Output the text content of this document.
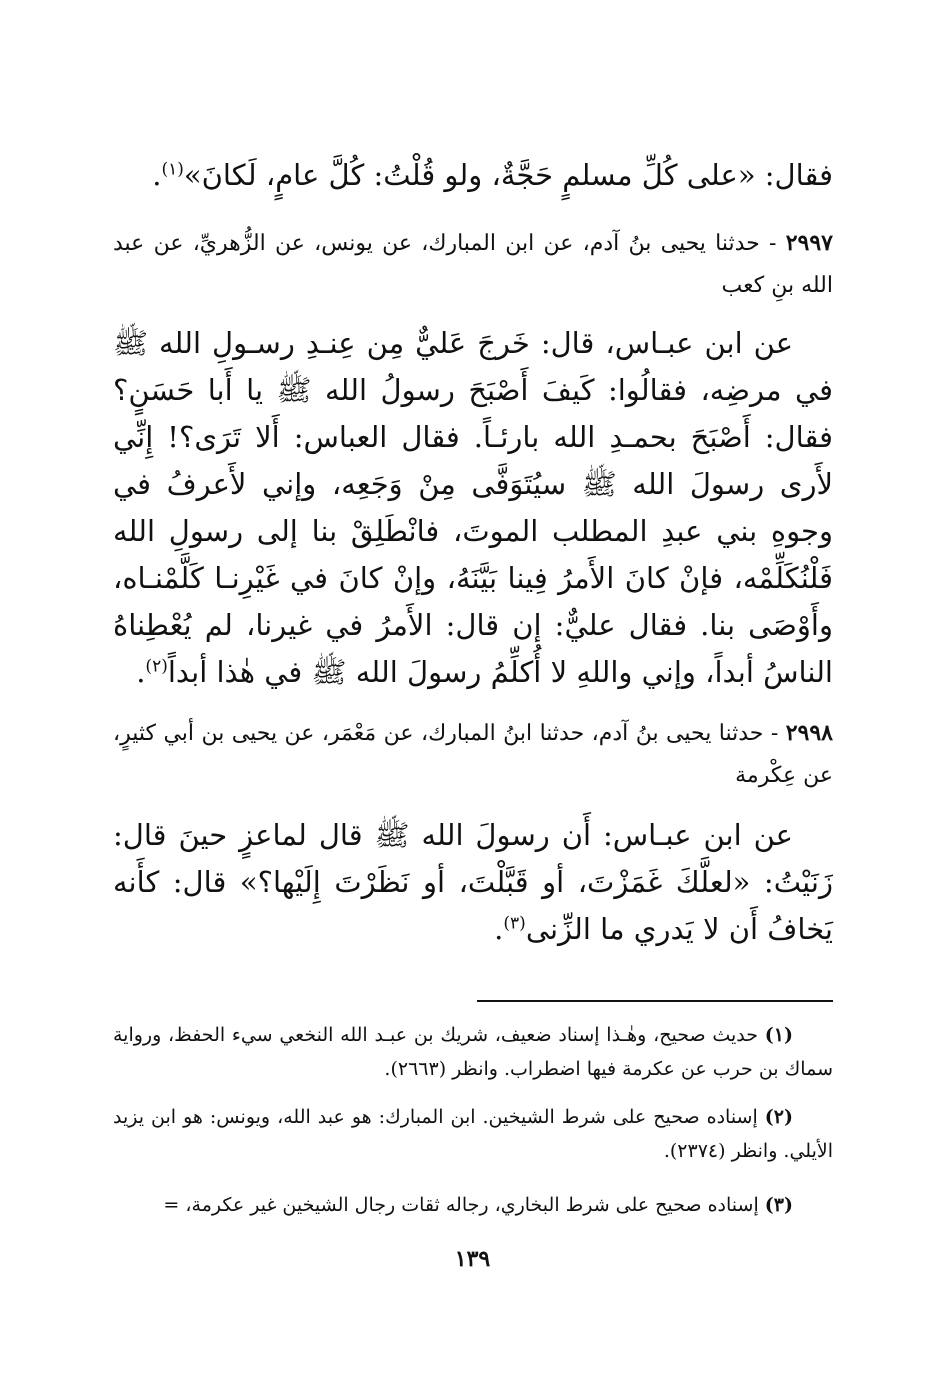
فقال: «على كُلِّ مسلمٍ حَجَّةٌ، ولو قُلْتُ: كُلَّ عامٍ، لَكانَ»$^{(١)}$.
٢٩٩٧ - حدثنا يحيى بنُ آدم، عن ابن المبارك، عن يونس، عن الزُّهريِّ، عن عبد الله بنِ كعب
عن ابن عبـاس، قال: خَرجَ عَليٌّ مِن عِنـدِ رسـولِ الله ﷺ في مرضِه، فقالُوا: كَيفَ أَصْبَحَ رسولُ الله ﷺ يا أَبا حَسَنٍ؟ فقال: أَصْبَحَ بحمـدِ الله بارئـاً. فقال العباس: أَلا تَرَى؟! إِنِّي لأَرى رسولَ الله ﷺ سيُتَوَفَّى مِنْ وَجَعِه، وإني لأَعرفُ في وجوهِ بني عبدِ المطلب الموتَ، فانْطَلِقْ بنا إلى رسولِ الله فَلْنُكَلِّمْه، فإنْ كانَ الأَمرُ فِينا بَيَّنَهُ، وإنْ كانَ في غَيْرِنـا كَلَّمْنـاه، وأَوْصَى بنا. فقال عليٌّ: إن قال: الأَمرُ في غيرنا، لم يُعْطِناهُ الناسُ أبداً، وإني واللهِ لا أُكلِّمُ رسولَ الله ﷺ في هٰذا أبداً$^{(٢)}$.
٢٩٩٨ - حدثنا يحيى بنُ آدم، حدثنا ابنُ المبارك، عن مَعْمَر، عن يحيى بن أبي كثيرٍ، عن عِكْرمة
عن ابن عبـاس: أَن رسولَ الله ﷺ قال لماعزٍ حينَ قال: زَنَيْتُ: «لعلَّكَ غَمَزْتَ، أو قَبَّلْتَ، أو نَظَرْتَ إِلَيْها؟» قال: كأَنه يَخافُ أَن لا يَدري ما الزِّنى$^{(٣)}$.
(١) حديث صحيح، وهٰـذا إسناد ضعيف، شريك بن عبـد الله النخعي سيء الحفظ، ورواية سماك بن حرب عن عكرمة فيها اضطراب. وانظر (٢٦٦٣).
(٢) إسناده صحيح على شرط الشيخين. ابن المبارك: هو عبد الله، ويونس: هو ابن يزيد الأيلي. وانظر (٢٣٧٤).
(٣) إسناده صحيح على شرط البخاري، رجاله ثقات رجال الشيخين غير عكرمة، =
١٣٩
